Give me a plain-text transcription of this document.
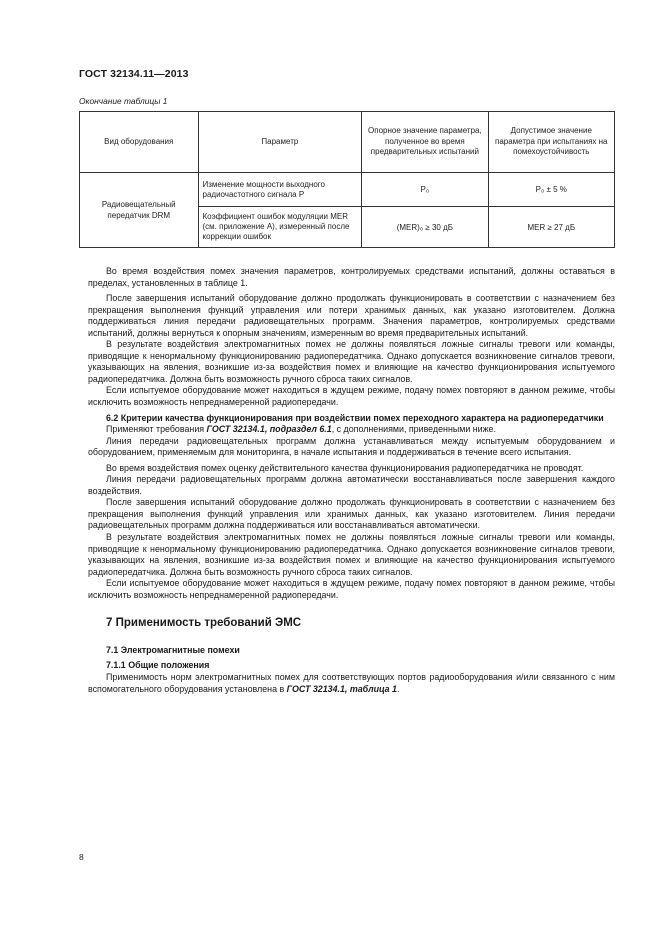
ГОСТ 32134.11—2013
Окончание таблицы 1
Вид оборудования	Параметр	Опорное значение параметра, полученное во время предварительных испытаний	Допустимое значение параметра при испытаниях на помехоустойчивость
Радиовещательный передатчик DRM	Изменение мощности выходного радиочастотного сигнала P	P₀	P₀ ± 5 %
	Коэффициент ошибок модуляции MER (см. приложение А), измеренный после коррекции ошибок	(MER)₀ ≥ 30 дБ	MER ≥ 27 дБ

Во время воздействия помех значения параметров, контролируемых средствами испытаний, должны оставаться в пределах, установленных в таблице 1.

После завершения испытаний оборудование должно продолжать функционировать в соответствии с назначением без прекращения выполнения функций управления или потери хранимых данных, как указано изготовителем. Должна поддерживаться линия передачи радиовещательных программ. Значения параметров, контролируемых средствами испытаний, должны вернуться к опорным значениям, измеренным во время предварительных испытаний.

В результате воздействия электромагнитных помех не должны появляться ложные сигналы тревоги или команды, приводящие к ненормальному функционированию радиопередатчика. Однако допускается возникновение сигналов тревоги, указывающих на явления, возникшие из-за воздействия помех и влияющие на качество функционирования испытуемого радиопередатчика. Должна быть возможность ручного сброса таких сигналов.

Если испытуемое оборудование может находиться в ждущем режиме, подачу помех повторяют в данном режиме, чтобы исключить возможность непреднамеренной радиопередачи.

6.2 Критерии качества функционирования при воздействии помех переходного характера на радиопередатчики

Применяют требования ГОСТ 32134.1, подраздел 6.1, с дополнениями, приведенными ниже.

Линия передачи радиовещательных программ должна устанавливаться между испытуемым оборудованием и оборудованием, применяемым для мониторинга, в начале испытания и поддерживаться в течение всего испытания.

Во время воздействия помех оценку действительного качества функционирования радиопередатчика не проводят.

Линия передачи радиовещательных программ должна автоматически восстанавливаться после завершения каждого воздействия.

После завершения испытаний оборудование должно продолжать функционировать в соответствии с назначением без прекращения выполнения функций управления или хранимых данных, как указано изготовителем. Линия передачи радиовещательных программ должна поддерживаться или восстанавливаться автоматически.

В результате воздействия электромагнитных помех не должны появляться ложные сигналы тревоги или команды, приводящие к ненормальному функционированию радиопередатчика. Однако допускается возникновение сигналов тревоги, указывающих на явления, возникшие из-за воздействия помех и влияющие на качество функционирования испытуемого радиопередатчика. Должна быть возможность ручного сброса таких сигналов.

Если испытуемое оборудование может находиться в ждущем режиме, подачу помех повторяют в данном режиме, чтобы исключить возможность непреднамеренной радиопередачи.

7 Применимость требований ЭМС
7.1 Электромагнитные помехи
7.1.1 Общие положения

Применимость норм электромагнитных помех для соответствующих портов радиооборудования и/или связанного с ним вспомогательного оборудования установлена в ГОСТ 32134.1, таблица 1.

8
